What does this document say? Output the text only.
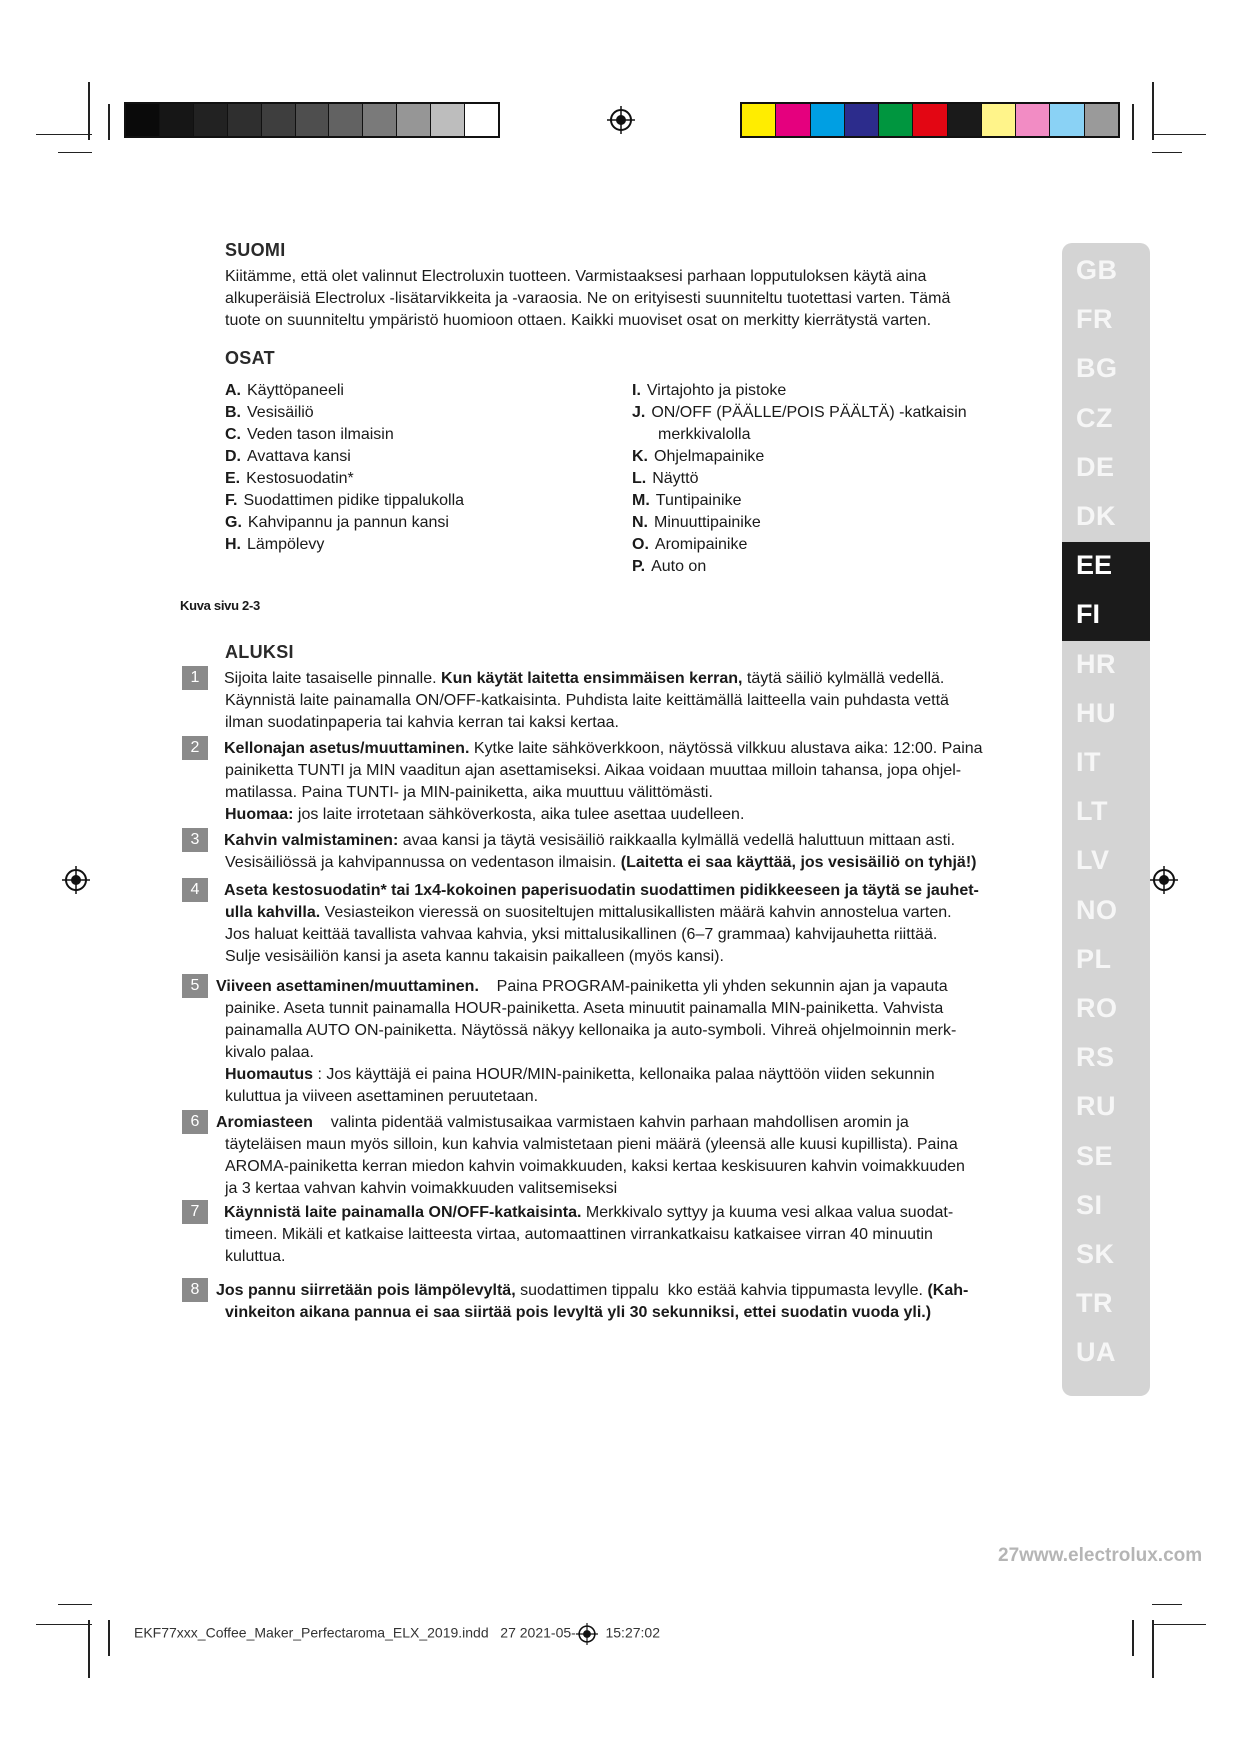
SUOMI
Kiitämme, että olet valinnut Electroluxin tuotteen. Varmistaaksesi parhaan lopputuloksen käytä aina
alkuperäisiä Electrolux -lisätarvikkeita ja -varaosia. Ne on erityisesti suunniteltu tuotettasi varten. Tämä
tuote on suunniteltu ympäristö huomioon ottaen. Kaikki muoviset osat on merkitty kierrätystä varten.
OSAT
A. Käyttöpaneeli
B. Vesisäiliö
C. Veden tason ilmaisin
D. Avattava kansi
E. Kestosuodatin*
F. Suodattimen pidike tippalukolla
G. Kahvipannu ja pannun kansi
H. Lämpölevy
I. Virtajohto ja pistoke
J. ON/OFF (PÄÄLLE/POIS PÄÄLTÄ) -katkaisin
merkkivalolla
K. Ohjelmapainike
L. Näyttö
M. Tuntipainike
N. Minuuttipainike
O. Aromipainike
P. Auto on
Kuva sivu 2-3
ALUKSI
1	Sijoita laite tasaiselle pinnalle. Kun käytät laitetta ensimmäisen kerran, täytä säiliö kylmällä vedellä.
Käynnistä laite painamalla ON/OFF-katkaisinta. Puhdista laite keittämällä laitteella vain puhdasta vettä
ilman suodatinpaperia tai kahvia kerran tai kaksi kertaa.
2	Kellonajan asetus/muuttaminen. Kytke laite sähköverkkoon, näytössä vilkkuu alustava aika: 12:00. Paina
painiketta TUNTI ja MIN vaaditun ajan asettamiseksi. Aikaa voidaan muuttaa milloin tahansa, jopa ohjel-
matilassa. Paina TUNTI- ja MIN-painiketta, aika muuttuu välittömästi.
Huomaa: jos laite irrotetaan sähköverkosta, aika tulee asettaa uudelleen.
3	Kahvin valmistaminen: avaa kansi ja täytä vesisäiliö raikkaalla kylmällä vedellä haluttuun mittaan asti.
Vesisäiliössä ja kahvipannussa on vedentason ilmaisin. (Laitetta ei saa käyttää, jos vesisäiliö on tyhjä!)
4	Aseta kestosuodatin* tai 1x4-kokoinen paperisuodatin suodattimen pidikkeeseen ja täytä se jauhet-
ulla kahvilla. Vesiasteikon vieressä on suositeltujen mittalusikallisten määrä kahvin annostelua varten.
Jos haluat keittää tavallista vahvaa kahvia, yksi mittalusikallinen (6–7 grammaa) kahvijauhetta riittää.
Sulje vesisäiliön kansi ja aseta kannu takaisin paikalleen (myös kansi).
5	Viiveen asettaminen/muuttaminen.    Paina PROGRAM-painiketta yli yhden sekunnin ajan ja vapauta
painike. Aseta tunnit painamalla HOUR-painiketta. Aseta minuutit painamalla MIN-painiketta. Vahvista
painamalla AUTO ON-painiketta. Näytössä näkyy kellonaika ja auto-symboli. Vihreä ohjelmoinnin merk-
kivalo palaa.
Huomautus : Jos käyttäjä ei paina HOUR/MIN-painiketta, kellonaika palaa näyttöön viiden sekunnin
kuluttua ja viiveen asettaminen peruutetaan.
6	Aromiasteen    valinta pidentää valmistusaikaa varmistaen kahvin parhaan mahdollisen aromin ja
täyteläisen maun myös silloin, kun kahvia valmistetaan pieni määrä (yleensä alle kuusi kupillista). Paina
AROMA-painiketta kerran miedon kahvin voimakkuuden, kaksi kertaa keskisuuren kahvin voimakkuuden
ja 3 kertaa vahvan kahvin voimakkuuden valitsemiseksi
7	Käynnistä laite painamalla ON/OFF-katkaisinta. Merkkivalo syttyy ja kuuma vesi alkaa valua suodat-
timeen. Mikäli et katkaise laitteesta virtaa, automaattinen virrankatkaisu katkaisee virran 40 minuutin
kuluttua.
8	Jos pannu siirretään pois lämpölevyltä, suodattimen tippalu  kko estää kahvia tippumasta levylle. (Kah-
vinkeiton aikana pannua ei saa siirtää pois levyltä yli 30 sekunniksi, ettei suodatin vuoda yli.)
GB
FR
BG
CZ
DE
DK
EE
FI
HR
HU
IT
LT
LV
NO
PL
RO
RS
RU
SE
SI
SK
TR
UA
27www.electrolux.com
EKF77xxx_Coffee_Maker_Perfectaroma_ELX_2019.indd 27 2021-05- 15:27:02
